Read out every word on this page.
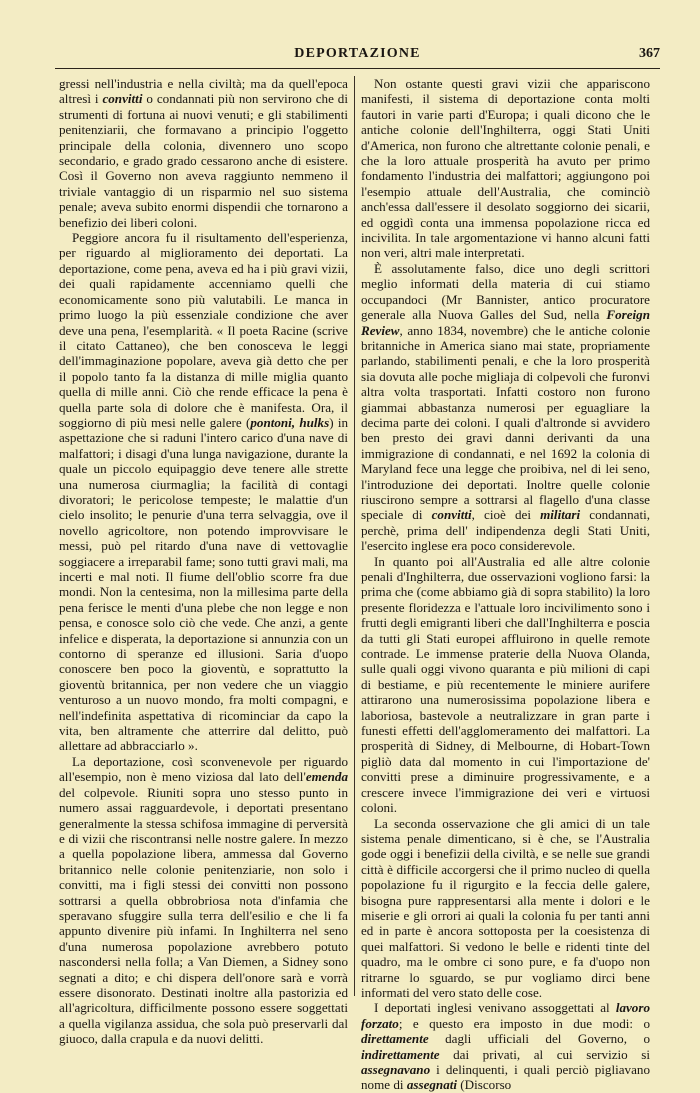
DEPORTAZIONE	367

gressi nell'industria e nella civiltà; ma da quell'epoca altresì i convitti o condannati più non servirono che di strumenti di fortuna ai nuovi venuti; e gli stabilimenti penitenziarii, che formavano a principio l'oggetto principale della colonia, divennero uno scopo secondario, e grado grado cessarono anche di esistere. Così il Governo non aveva raggiunto nemmeno il triviale vantaggio di un risparmio nel suo sistema penale; aveva subito enormi dispendii che tornarono a benefizio dei liberi coloni.

Peggiore ancora fu il risultamento dell'esperienza, per riguardo al miglioramento dei deportati. La deportazione, come pena, aveva ed ha i più gravi vizii, dei quali rapidamente accenniamo quelli che economicamente sono più valutabili. Le manca in primo luogo la più essenziale condizione che aver deve una pena, l'esemplarità. « Il poeta Racine (scrive il citato Cattaneo), che ben conosceva le leggi dell'immaginazione popolare, aveva già detto che per il popolo tanto fa la distanza di mille miglia quanto quella di mille anni. Ciò che rende efficace la pena è quella parte sola di dolore che è manifesta. Ora, il soggiorno di più mesi nelle galere (pontoni, hulks) in aspettazione che si raduni l'intero carico d'una nave di malfattori; i disagi d'una lunga navigazione, durante la quale un piccolo equipaggio deve tenere alle strette una numerosa ciurmaglia; la facilità di contagi divoratori; le pericolose tempeste; le malattie d'un cielo insolito; le penurie d'una terra selvaggia, ove il novello agricoltore, non potendo improvvisare le messi, può pel ritardo d'una nave di vettovaglie soggiacere a irreparabil fame; sono tutti gravi mali, ma incerti e mal noti. Il fiume dell'oblio scorre fra due mondi. Non la centesima, non la millesima parte della pena ferisce le menti d'una plebe che non legge e non pensa, e conosce solo ciò che vede. Che anzi, a gente infelice e disperata, la deportazione si annunzia con un contorno di speranze ed illusioni. Saria d'uopo conoscere ben poco la gioventù, e soprattutto la gioventù britannica, per non vedere che un viaggio venturoso a un nuovo mondo, fra molti compagni, e nell'indefinita aspettativa di ricominciar da capo la vita, ben altramente che atterrire dal delitto, può allettare ad abbracciarlo ».

La deportazione, così sconvenevole per riguardo all'esempio, non è meno viziosa dal lato dell'emenda del colpevole. Riuniti sopra uno stesso punto in numero assai ragguardevole, i deportati presentano generalmente la stessa schifosa immagine di perversità e di vizii che riscontransi nelle nostre galere. In mezzo a quella popolazione libera, ammessa dal Governo britannico nelle colonie penitenziarie, non solo i convitti, ma i figli stessi dei convitti non possono sottrarsi a quella obbrobriosa nota d'infamia che speravano sfuggire sulla terra dell'esilio e che li fa appunto divenire più infami. In Inghilterra nel seno d'una numerosa popolazione avrebbero potuto nascondersi nella folla; a Van Diemen, a Sidney sono segnati a dito; e chi dispera dell'onore sarà e vorrà essere disonorato. Destinati inoltre alla pastorizia ed all'agricoltura, difficilmente possono essere soggettati a quella vigilanza assidua, che sola può preservarli dal giuoco, dalla crapula e da nuovi delitti.

Non ostante questi gravi vizii che appariscono manifesti, il sistema di deportazione conta molti fautori in varie parti d'Europa; i quali dicono che le antiche colonie dell'Inghilterra, oggi Stati Uniti d'America, non furono che altrettante colonie penali, e che la loro attuale prosperità ha avuto per primo fondamento l'industria dei malfattori; aggiungono poi l'esempio attuale dell'Australia, che cominciò anch'essa dall'essere il desolato soggiorno dei sicarii, ed oggidì conta una immensa popolazione ricca ed incivilita. In tale argomentazione vi hanno alcuni fatti non veri, altri male interpretati.

È assolutamente falso, dice uno degli scrittori meglio informati della materia di cui stiamo occupandoci (Mr Bannister, antico procuratore generale alla Nuova Galles del Sud, nella Foreign Review, anno 1834, novembre) che le antiche colonie britanniche in America siano mai state, propriamente parlando, stabilimenti penali, e che la loro prosperità sia dovuta alle poche migliaja di colpevoli che furonvi altra volta trasportati. Infatti costoro non furono giammai abbastanza numerosi per eguagliare la decima parte dei coloni. I quali d'altronde si avvidero ben presto dei gravi danni derivanti da una immigrazione di condannati, e nel 1692 la colonia di Maryland fece una legge che proibiva, nel di lei seno, l'introduzione dei deportati. Inoltre quelle colonie riuscirono sempre a sottrarsi al flagello d'una classe speciale di convitti, cioè dei militari condannati, perchè, prima dell' indipendenza degli Stati Uniti, l'esercito inglese era poco considerevole.

In quanto poi all'Australia ed alle altre colonie penali d'Inghilterra, due osservazioni vogliono farsi: la prima che (come abbiamo già di sopra stabilito) la loro presente floridezza e l'attuale loro incivilimento sono i frutti degli emigranti liberi che dall'Inghilterra e poscia da tutti gli Stati europei affluirono in quelle remote contrade. Le immense praterie della Nuova Olanda, sulle quali oggi vivono quaranta e più milioni di capi di bestiame, e più recentemente le miniere aurifere attirarono una numerosissima popolazione libera e laboriosa, bastevole a neutralizzare in gran parte i funesti effetti dell'agglomeramento dei malfattori. La prosperità di Sidney, di Melbourne, di Hobart-Town pigliò data dal momento in cui l'importazione de' convitti prese a diminuire progressivamente, e a crescere invece l'immigrazione dei veri e virtuosi coloni.

La seconda osservazione che gli amici di un tale sistema penale dimenticano, si è che, se l'Australia gode oggi i benefizii della civiltà, e se nelle sue grandi città è difficile accorgersi che il primo nucleo di quella popolazione fu il rigurgito e la feccia delle galere, bisogna pure rappresentarsi alla mente i dolori e le miserie e gli orrori ai quali la colonia fu per tanti anni ed in parte è ancora sottoposta per la coesistenza di quei malfattori. Si vedono le belle e ridenti tinte del quadro, ma le ombre ci sono pure, e fa d'uopo non ritrarne lo sguardo, se pur vogliamo dirci bene informati del vero stato delle cose.

I deportati inglesi venivano assoggettati al lavoro forzato; e questo era imposto in due modi: o direttamente dagli ufficiali del Governo, o indirettamente dai privati, al cui servizio si assegnavano i delinquenti, i quali perciò pigliavano nome di assegnati (Discorso
